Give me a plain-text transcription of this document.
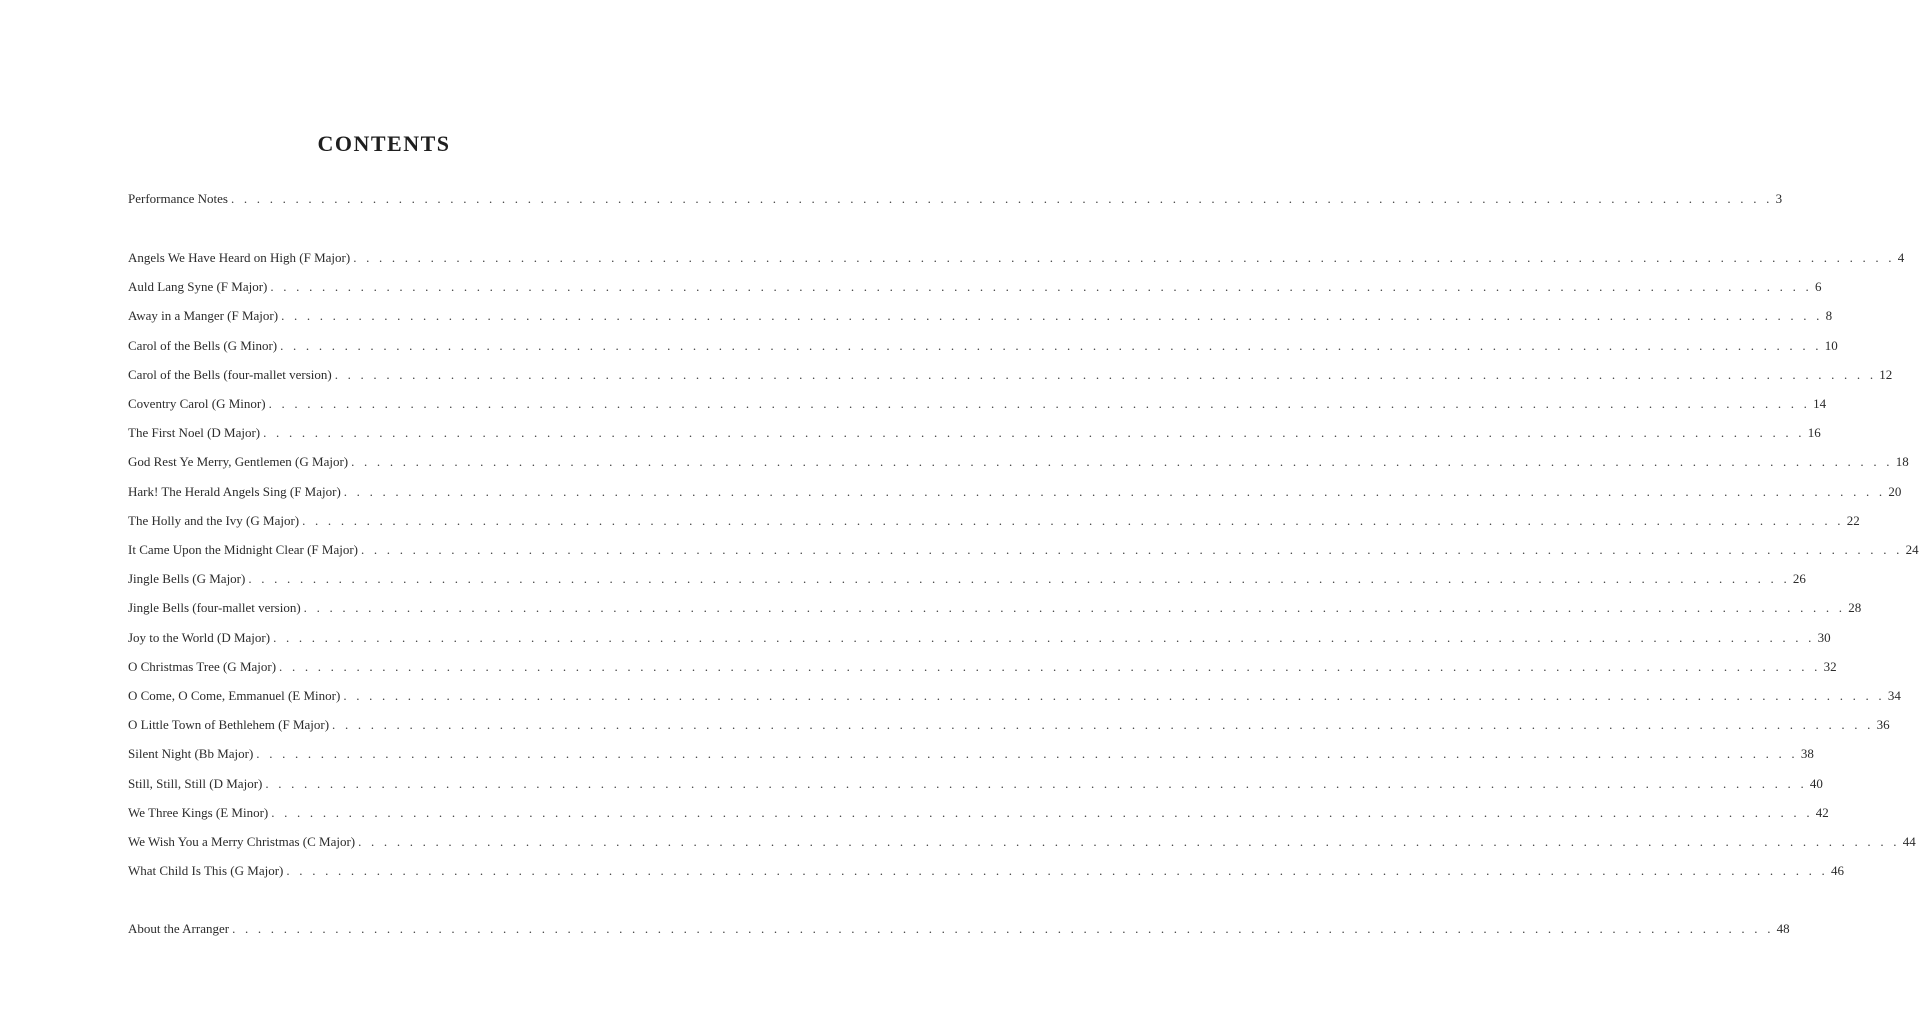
CONTENTS
Performance Notes . . . . . . . . . . . . . . . . . . . . . . . . . . . . . . . . . . . . . . . . . . . . . . . . . . . . . . . . . . . . . . . . . . . . . . . . . . . . . . . . . . . . . . . . . . . . . . . . . . . . . . . . . . . . . . . . . . . . . . . . 3
Angels We Have Heard on High (F Major) . . . . . . . . . . . . . . . . . . . . . . . . . . . . . . . . . . . . . . . . . . . . . . . . . . . . . . . . . . . . . . . . . . . . . . . . . . . . . . . . . . . . . . . . . . . . . . . . . . . . . . . . . . . . . . . . . . . . . . . . 4
Auld Lang Syne (F Major) . . . . . . . . . . . . . . . . . . . . . . . . . . . . . . . . . . . . . . . . . . . . . . . . . . . . . . . . . . . . . . . . . . . . . . . . . . . . . . . . . . . . . . . . . . . . . . . . . . . . . . . . . . . . . . . . . . . . . . . . 6
Away in a Manger (F Major) . . . . . . . . . . . . . . . . . . . . . . . . . . . . . . . . . . . . . . . . . . . . . . . . . . . . . . . . . . . . . . . . . . . . . . . . . . . . . . . . . . . . . . . . . . . . . . . . . . . . . . . . . . . . . . . . . . . . . . . . 8
Carol of the Bells (G Minor) . . . . . . . . . . . . . . . . . . . . . . . . . . . . . . . . . . . . . . . . . . . . . . . . . . . . . . . . . . . . . . . . . . . . . . . . . . . . . . . . . . . . . . . . . . . . . . . . . . . . . . . . . . . . . . . . . . . . . . . . 10
Carol of the Bells (four-mallet version) . . . . . . . . . . . . . . . . . . . . . . . . . . . . . . . . . . . . . . . . . . . . . . . . . . . . . . . . . . . . . . . . . . . . . . . . . . . . . . . . . . . . . . . . . . . . . . . . . . . . . . . . . . . . . . . . . . . . . . . . 12
Coventry Carol (G Minor) . . . . . . . . . . . . . . . . . . . . . . . . . . . . . . . . . . . . . . . . . . . . . . . . . . . . . . . . . . . . . . . . . . . . . . . . . . . . . . . . . . . . . . . . . . . . . . . . . . . . . . . . . . . . . . . . . . . . . . . . 14
The First Noel (D Major) . . . . . . . . . . . . . . . . . . . . . . . . . . . . . . . . . . . . . . . . . . . . . . . . . . . . . . . . . . . . . . . . . . . . . . . . . . . . . . . . . . . . . . . . . . . . . . . . . . . . . . . . . . . . . . . . . . . . . . . . 16
God Rest Ye Merry, Gentlemen (G Major) . . . . . . . . . . . . . . . . . . . . . . . . . . . . . . . . . . . . . . . . . . . . . . . . . . . . . . . . . . . . . . . . . . . . . . . . . . . . . . . . . . . . . . . . . . . . . . . . . . . . . . . . . . . . . . . . . . . . . . . . 18
Hark! The Herald Angels Sing (F Major) . . . . . . . . . . . . . . . . . . . . . . . . . . . . . . . . . . . . . . . . . . . . . . . . . . . . . . . . . . . . . . . . . . . . . . . . . . . . . . . . . . . . . . . . . . . . . . . . . . . . . . . . . . . . . . . . . . . . . . . . 20
The Holly and the Ivy (G Major) . . . . . . . . . . . . . . . . . . . . . . . . . . . . . . . . . . . . . . . . . . . . . . . . . . . . . . . . . . . . . . . . . . . . . . . . . . . . . . . . . . . . . . . . . . . . . . . . . . . . . . . . . . . . . . . . . . . . . . . . 22
It Came Upon the Midnight Clear (F Major) . . . . . . . . . . . . . . . . . . . . . . . . . . . . . . . . . . . . . . . . . . . . . . . . . . . . . . . . . . . . . . . . . . . . . . . . . . . . . . . . . . . . . . . . . . . . . . . . . . . . . . . . . . . . . . . . . . . . . . . . 24
Jingle Bells (G Major) . . . . . . . . . . . . . . . . . . . . . . . . . . . . . . . . . . . . . . . . . . . . . . . . . . . . . . . . . . . . . . . . . . . . . . . . . . . . . . . . . . . . . . . . . . . . . . . . . . . . . . . . . . . . . . . . . . . . . . . . 26
Jingle Bells (four-mallet version) . . . . . . . . . . . . . . . . . . . . . . . . . . . . . . . . . . . . . . . . . . . . . . . . . . . . . . . . . . . . . . . . . . . . . . . . . . . . . . . . . . . . . . . . . . . . . . . . . . . . . . . . . . . . . . . . . . . . . . . . 28
Joy to the World (D Major) . . . . . . . . . . . . . . . . . . . . . . . . . . . . . . . . . . . . . . . . . . . . . . . . . . . . . . . . . . . . . . . . . . . . . . . . . . . . . . . . . . . . . . . . . . . . . . . . . . . . . . . . . . . . . . . . . . . . . . . . 30
O Christmas Tree (G Major) . . . . . . . . . . . . . . . . . . . . . . . . . . . . . . . . . . . . . . . . . . . . . . . . . . . . . . . . . . . . . . . . . . . . . . . . . . . . . . . . . . . . . . . . . . . . . . . . . . . . . . . . . . . . . . . . . . . . . . . . 32
O Come, O Come, Emmanuel (E Minor) . . . . . . . . . . . . . . . . . . . . . . . . . . . . . . . . . . . . . . . . . . . . . . . . . . . . . . . . . . . . . . . . . . . . . . . . . . . . . . . . . . . . . . . . . . . . . . . . . . . . . . . . . . . . . . . . . . . . . . . . 34
O Little Town of Bethlehem (F Major) . . . . . . . . . . . . . . . . . . . . . . . . . . . . . . . . . . . . . . . . . . . . . . . . . . . . . . . . . . . . . . . . . . . . . . . . . . . . . . . . . . . . . . . . . . . . . . . . . . . . . . . . . . . . . . . . . . . . . . . . 36
Silent Night (Bb Major) . . . . . . . . . . . . . . . . . . . . . . . . . . . . . . . . . . . . . . . . . . . . . . . . . . . . . . . . . . . . . . . . . . . . . . . . . . . . . . . . . . . . . . . . . . . . . . . . . . . . . . . . . . . . . . . . . . . . . . . . 38
Still, Still, Still (D Major) . . . . . . . . . . . . . . . . . . . . . . . . . . . . . . . . . . . . . . . . . . . . . . . . . . . . . . . . . . . . . . . . . . . . . . . . . . . . . . . . . . . . . . . . . . . . . . . . . . . . . . . . . . . . . . . . . . . . . . . . 40
We Three Kings (E Minor) . . . . . . . . . . . . . . . . . . . . . . . . . . . . . . . . . . . . . . . . . . . . . . . . . . . . . . . . . . . . . . . . . . . . . . . . . . . . . . . . . . . . . . . . . . . . . . . . . . . . . . . . . . . . . . . . . . . . . . . . 42
We Wish You a Merry Christmas (C Major) . . . . . . . . . . . . . . . . . . . . . . . . . . . . . . . . . . . . . . . . . . . . . . . . . . . . . . . . . . . . . . . . . . . . . . . . . . . . . . . . . . . . . . . . . . . . . . . . . . . . . . . . . . . . . . . . . . . . . . . . 44
What Child Is This (G Major) . . . . . . . . . . . . . . . . . . . . . . . . . . . . . . . . . . . . . . . . . . . . . . . . . . . . . . . . . . . . . . . . . . . . . . . . . . . . . . . . . . . . . . . . . . . . . . . . . . . . . . . . . . . . . . . . . . . . . . . . 46
About the Arranger . . . . . . . . . . . . . . . . . . . . . . . . . . . . . . . . . . . . . . . . . . . . . . . . . . . . . . . . . . . . . . . . . . . . . . . . . . . . . . . . . . . . . . . . . . . . . . . . . . . . . . . . . . . . . . . . . . . . . . . . 48
